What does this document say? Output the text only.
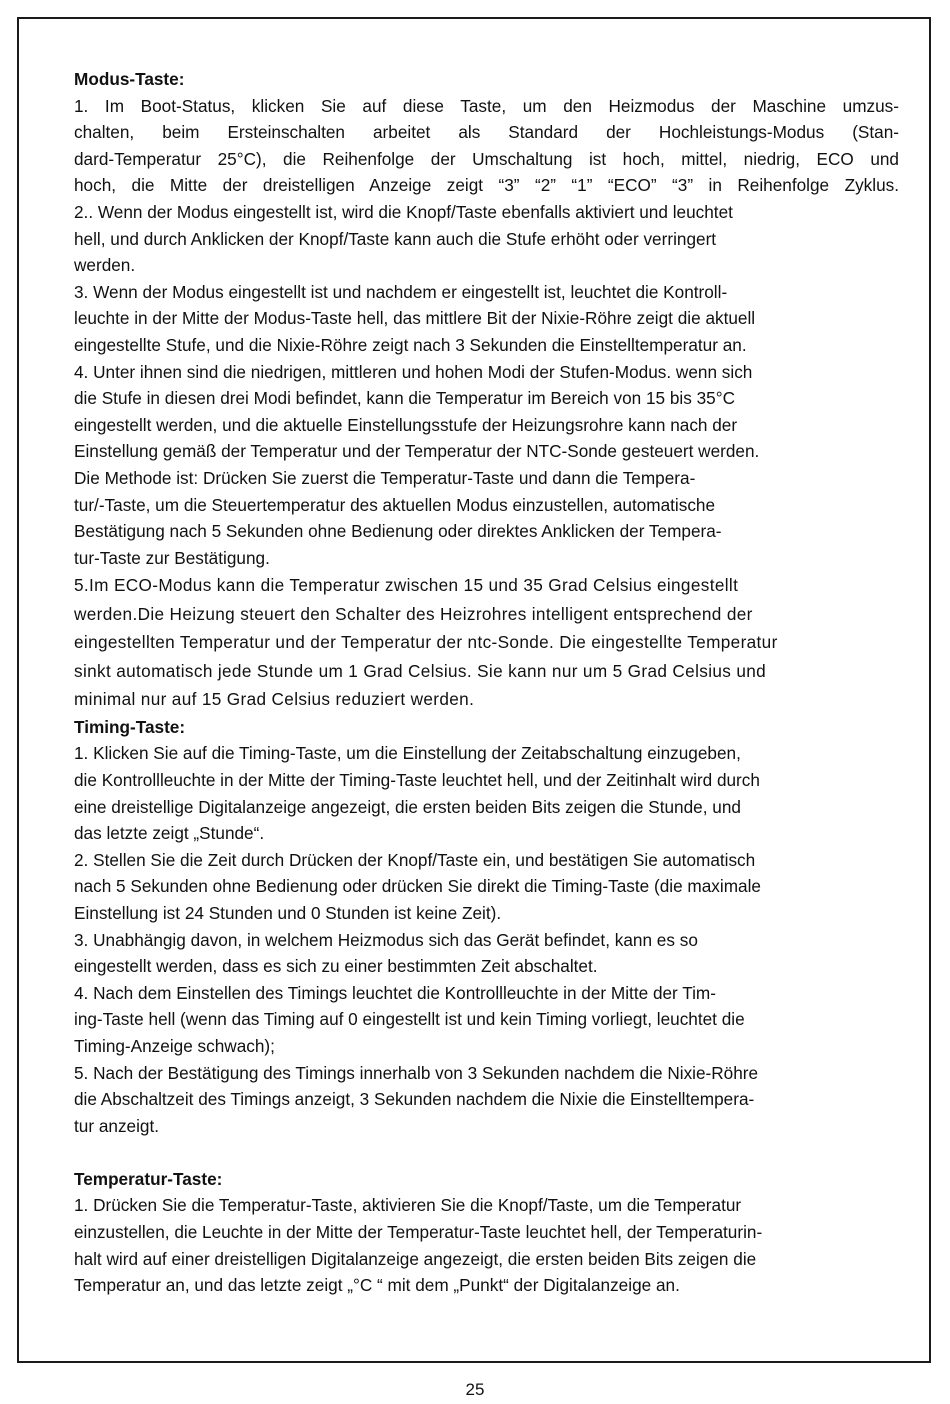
Modus-Taste:
1. Im Boot-Status, klicken Sie auf diese Taste, um den Heizmodus der Maschine umzus-
chalten, beim Ersteinschalten arbeitet als Standard der Hochleistungs-Modus (Stan-
dard-Temperatur 25°C), die Reihenfolge der Umschaltung ist hoch, mittel, niedrig, ECO und
hoch, die Mitte der dreistelligen Anzeige zeigt “3” “2” “1” “ECO” “3” in Reihenfolge Zyklus.
2.. Wenn der Modus eingestellt ist, wird die Knopf/Taste ebenfalls aktiviert und leuchtet
hell, und durch Anklicken der Knopf/Taste kann auch die Stufe erhöht oder verringert
werden.
3. Wenn der Modus eingestellt ist und nachdem er eingestellt ist, leuchtet die Kontroll-
leuchte in der Mitte der Modus-Taste hell, das mittlere Bit der Nixie-Röhre zeigt die aktuell
eingestellte Stufe, und die Nixie-Röhre zeigt nach 3 Sekunden die Einstelltemperatur an.
4. Unter ihnen sind die niedrigen, mittleren und hohen Modi der Stufen-Modus. wenn sich
die Stufe in diesen drei Modi befindet, kann die Temperatur im Bereich von 15 bis 35°C
eingestellt werden, und die aktuelle Einstellungsstufe der Heizungsrohre kann nach der
Einstellung gemäß der Temperatur und der Temperatur der NTC-Sonde gesteuert werden.
Die Methode ist: Drücken Sie zuerst die Temperatur-Taste und dann die Tempera-
tur/-Taste, um die Steuertemperatur des aktuellen Modus einzustellen, automatische
Bestätigung nach 5 Sekunden ohne Bedienung oder direktes Anklicken der Tempera-
tur-Taste zur Bestätigung.
5.Im ECO-Modus kann die Temperatur zwischen 15 und 35 Grad Celsius eingestellt
werden.Die Heizung steuert den Schalter des Heizrohres intelligent entsprechend der
eingestellten Temperatur und der Temperatur der ntc-Sonde. Die eingestellte Temperatur
sinkt automatisch jede Stunde um 1 Grad Celsius. Sie kann nur um 5 Grad Celsius und
minimal nur auf 15 Grad Celsius reduziert werden.
Timing-Taste:
1. Klicken Sie auf die Timing-Taste, um die Einstellung der Zeitabschaltung einzugeben,
die Kontrollleuchte in der Mitte der Timing-Taste leuchtet hell, und der Zeitinhalt wird durch
eine dreistellige Digitalanzeige angezeigt, die ersten beiden Bits zeigen die Stunde, und
das letzte zeigt „Stunde“.
2. Stellen Sie die Zeit durch Drücken der Knopf/Taste ein, und bestätigen Sie automatisch
nach 5 Sekunden ohne Bedienung oder drücken Sie direkt die Timing-Taste (die maximale
Einstellung ist 24 Stunden und 0 Stunden ist keine Zeit).
3. Unabhängig davon, in welchem Heizmodus sich das Gerät befindet, kann es so
eingestellt werden, dass es sich zu einer bestimmten Zeit abschaltet.
4. Nach dem Einstellen des Timings leuchtet die Kontrollleuchte in der Mitte der Tim-
ing-Taste hell (wenn das Timing auf 0 eingestellt ist und kein Timing vorliegt, leuchtet die
Timing-Anzeige schwach);
5. Nach der Bestätigung des Timings innerhalb von 3 Sekunden nachdem die Nixie-Röhre
die Abschaltzeit des Timings anzeigt, 3 Sekunden nachdem die Nixie die Einstelltempera-
tur anzeigt.
Temperatur-Taste:
1. Drücken Sie die Temperatur-Taste, aktivieren Sie die Knopf/Taste, um die Temperatur
einzustellen, die Leuchte in der Mitte der Temperatur-Taste leuchtet hell, der Temperaturin-
halt wird auf einer dreistelligen Digitalanzeige angezeigt, die ersten beiden Bits zeigen die
Temperatur an, und das letzte zeigt „°C “ mit dem „Punkt“ der Digitalanzeige an.
25
